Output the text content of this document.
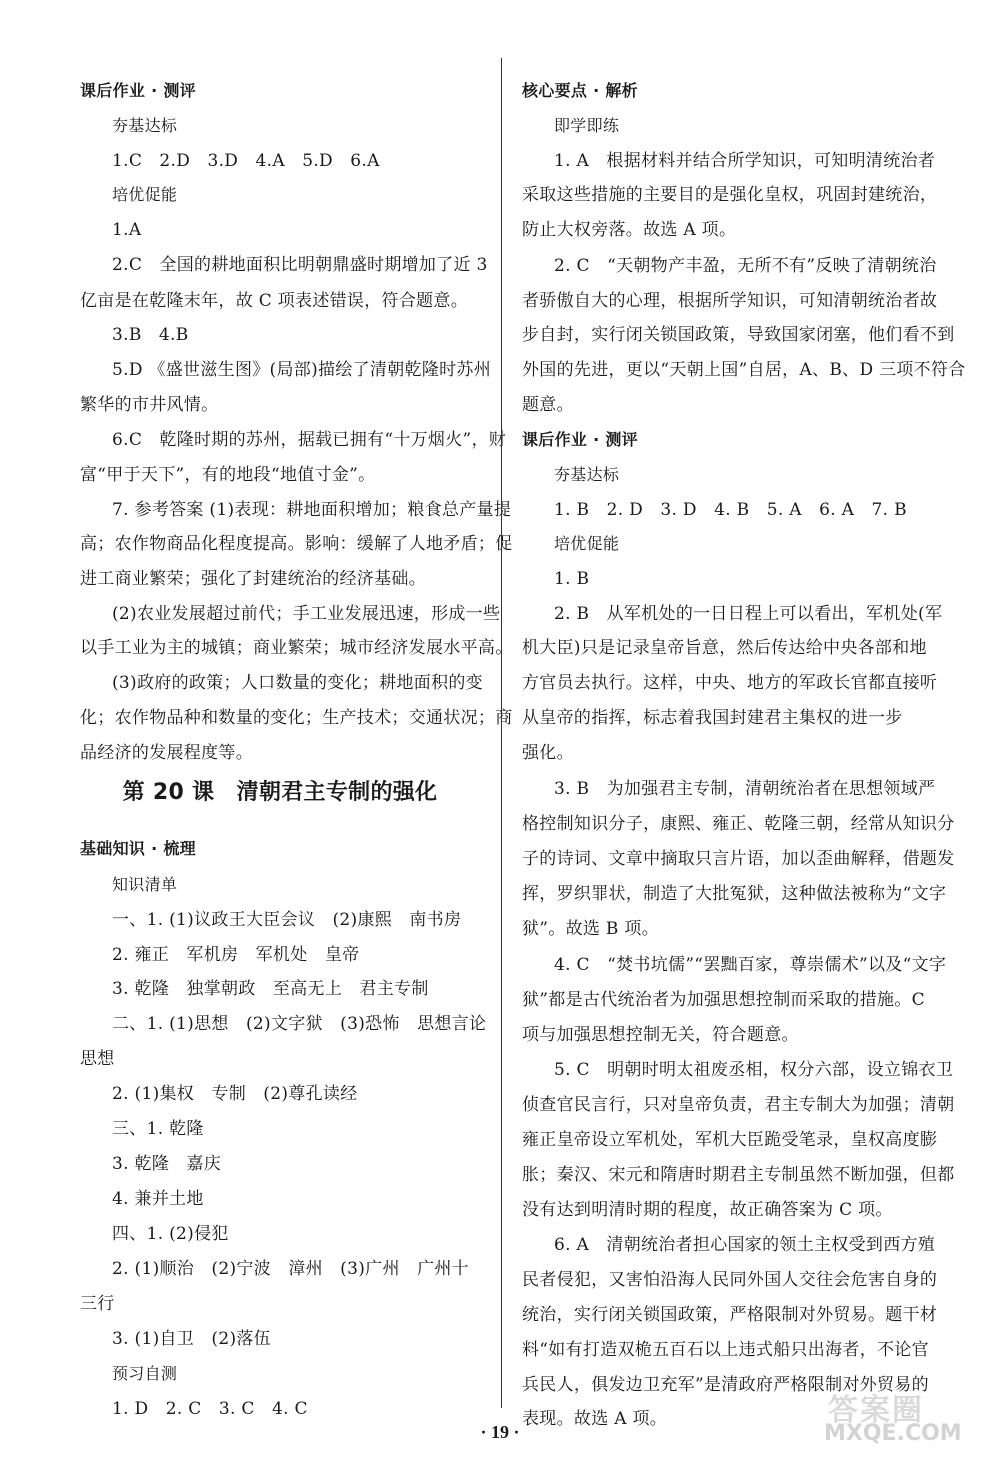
课后作业 · 测评
夯基达标
1.C　2.D　3.D　4.A　5.D　6.A
培优促能
1.A
2.C　全国的耕地面积比明朝鼎盛时期增加了近 3
亿亩是在乾隆末年，故 C 项表述错误，符合题意。
3.B　4.B
5.D 《盛世滋生图》(局部)描绘了清朝乾隆时苏州
繁华的市井风情。
6.C　乾隆时期的苏州，据载已拥有“十万烟火”，财
富“甲于天下”，有的地段“地值寸金”。
7. 参考答案 (1)表现：耕地面积增加；粮食总产量提
高；农作物商品化程度提高。影响：缓解了人地矛盾；促
进工商业繁荣；强化了封建统治的经济基础。
(2)农业发展超过前代；手工业发展迅速，形成一些
以手工业为主的城镇；商业繁荣；城市经济发展水平高。
(3)政府的政策；人口数量的变化；耕地面积的变
化；农作物品种和数量的变化；生产技术；交通状况；商
品经济的发展程度等。
第 20 课　清朝君主专制的强化
基础知识 · 梳理
知识清单
一、1. (1)议政王大臣会议　(2)康熙　南书房
2. 雍正　军机房　军机处　皇帝
3. 乾隆　独掌朝政　至高无上　君主专制
二、1. (1)思想　(2)文字狱　(3)恐怖　思想言论
思想
2. (1)集权　专制　(2)尊孔读经
三、1. 乾隆
3. 乾隆　嘉庆
4. 兼并土地
四、1. (2)侵犯
2. (1)顺治　(2)宁波　漳州　(3)广州　广州十
三行
3. (1)自卫　(2)落伍
预习自测
1. D　2. C　3. C　4. C
核心要点 · 解析
即学即练
1. A　根据材料并结合所学知识，可知明清统治者
采取这些措施的主要目的是强化皇权，巩固封建统治，
防止大权旁落。故选 A 项。
2. C　“天朝物产丰盈，无所不有”反映了清朝统治
者骄傲自大的心理，根据所学知识，可知清朝统治者故
步自封，实行闭关锁国政策，导致国家闭塞，他们看不到
外国的先进，更以“天朝上国”自居，A、B、D 三项不符合
题意。
课后作业 · 测评
夯基达标
1. B　2. D　3. D　4. B　5. A　6. A　7. B
培优促能
1. B
2. B　从军机处的一日日程上可以看出，军机处(军
机大臣)只是记录皇帝旨意，然后传达给中央各部和地
方官员去执行。这样，中央、地方的军政长官都直接听
从皇帝的指挥，标志着我国封建君主集权的进一步
强化。
3. B　为加强君主专制，清朝统治者在思想领域严
格控制知识分子，康熙、雍正、乾隆三朝，经常从知识分
子的诗词、文章中摘取只言片语，加以歪曲解释，借题发
挥，罗织罪状，制造了大批冤狱，这种做法被称为“文字
狱”。故选 B 项。
4. C　“焚书坑儒”“罢黜百家，尊崇儒术”以及“文字
狱”都是古代统治者为加强思想控制而采取的措施。C
项与加强思想控制无关，符合题意。
5. C　明朝时明太祖废丞相，权分六部，设立锦衣卫
侦查官民言行，只对皇帝负责，君主专制大为加强；清朝
雍正皇帝设立军机处，军机大臣跪受笔录，皇权高度膨
胀；秦汉、宋元和隋唐时期君主专制虽然不断加强，但都
没有达到明清时期的程度，故正确答案为 C 项。
6. A　清朝统治者担心国家的领土主权受到西方殖
民者侵犯，又害怕沿海人民同外国人交往会危害自身的
统治，实行闭关锁国政策，严格限制对外贸易。题干材
料“如有打造双桅五百石以上违式船只出海者，不论官
兵民人，俱发边卫充军”是清政府严格限制对外贸易的
表现。故选 A 项。
· 19 ·
答案圈
MXQE.COM
